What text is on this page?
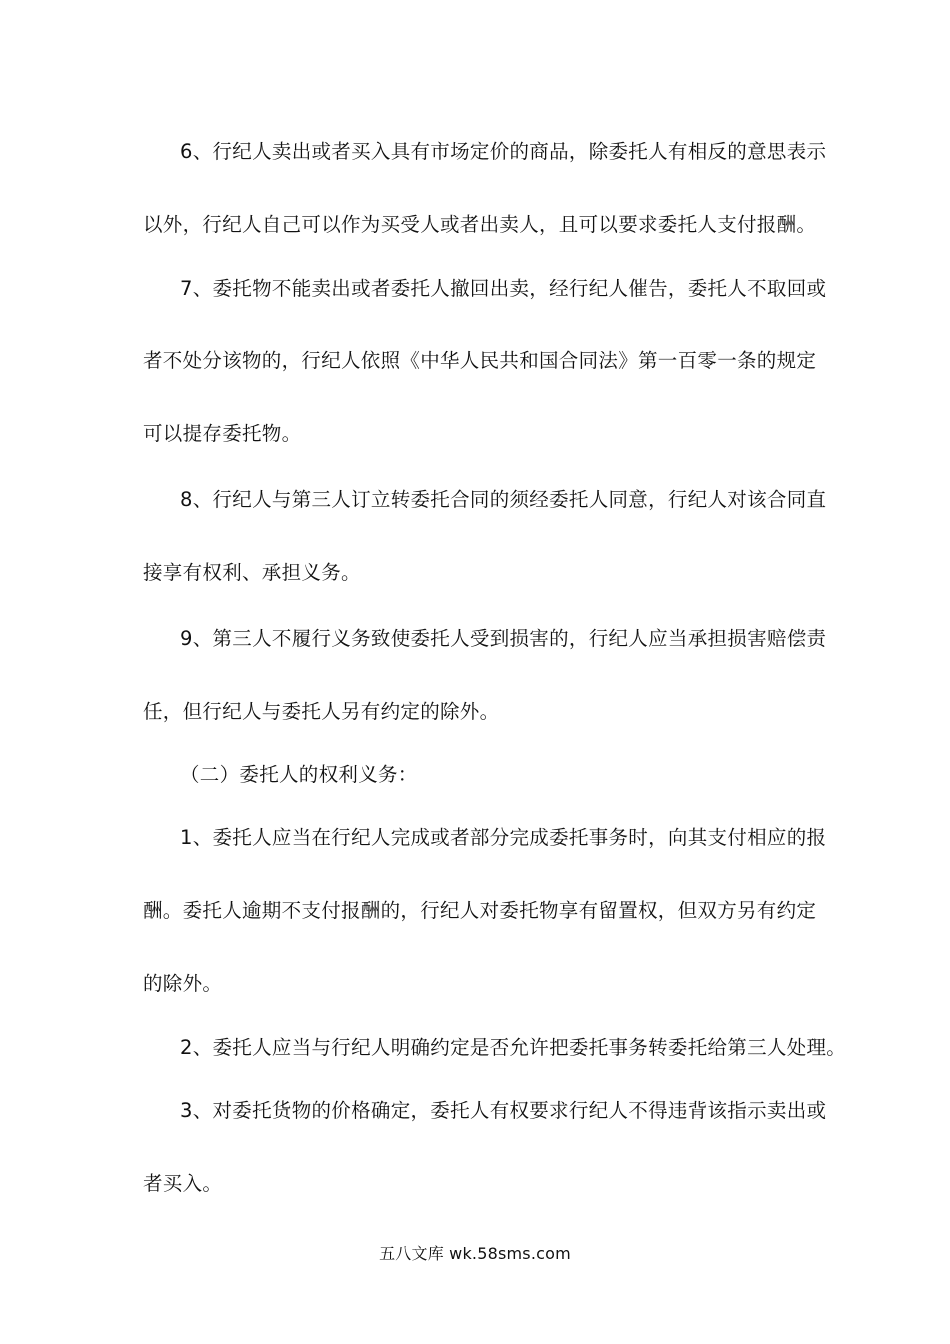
6、行纪人卖出或者买入具有市场定价的商品，除委托人有相反的意思表示
以外，行纪人自己可以作为买受人或者出卖人，且可以要求委托人支付报酬。
7、委托物不能卖出或者委托人撤回出卖，经行纪人催告，委托人不取回或
者不处分该物的，行纪人依照《中华人民共和国合同法》第一百零一条的规定
可以提存委托物。
8、行纪人与第三人订立转委托合同的须经委托人同意，行纪人对该合同直
接享有权利、承担义务。
9、第三人不履行义务致使委托人受到损害的，行纪人应当承担损害赔偿责
任，但行纪人与委托人另有约定的除外。
（二）委托人的权利义务：
1、委托人应当在行纪人完成或者部分完成委托事务时，向其支付相应的报
酬。委托人逾期不支付报酬的，行纪人对委托物享有留置权，但双方另有约定
的除外。
2、委托人应当与行纪人明确约定是否允许把委托事务转委托给第三人处理。
3、对委托货物的价格确定，委托人有权要求行纪人不得违背该指示卖出或
者买入。
五八文库 wk.58sms.com
